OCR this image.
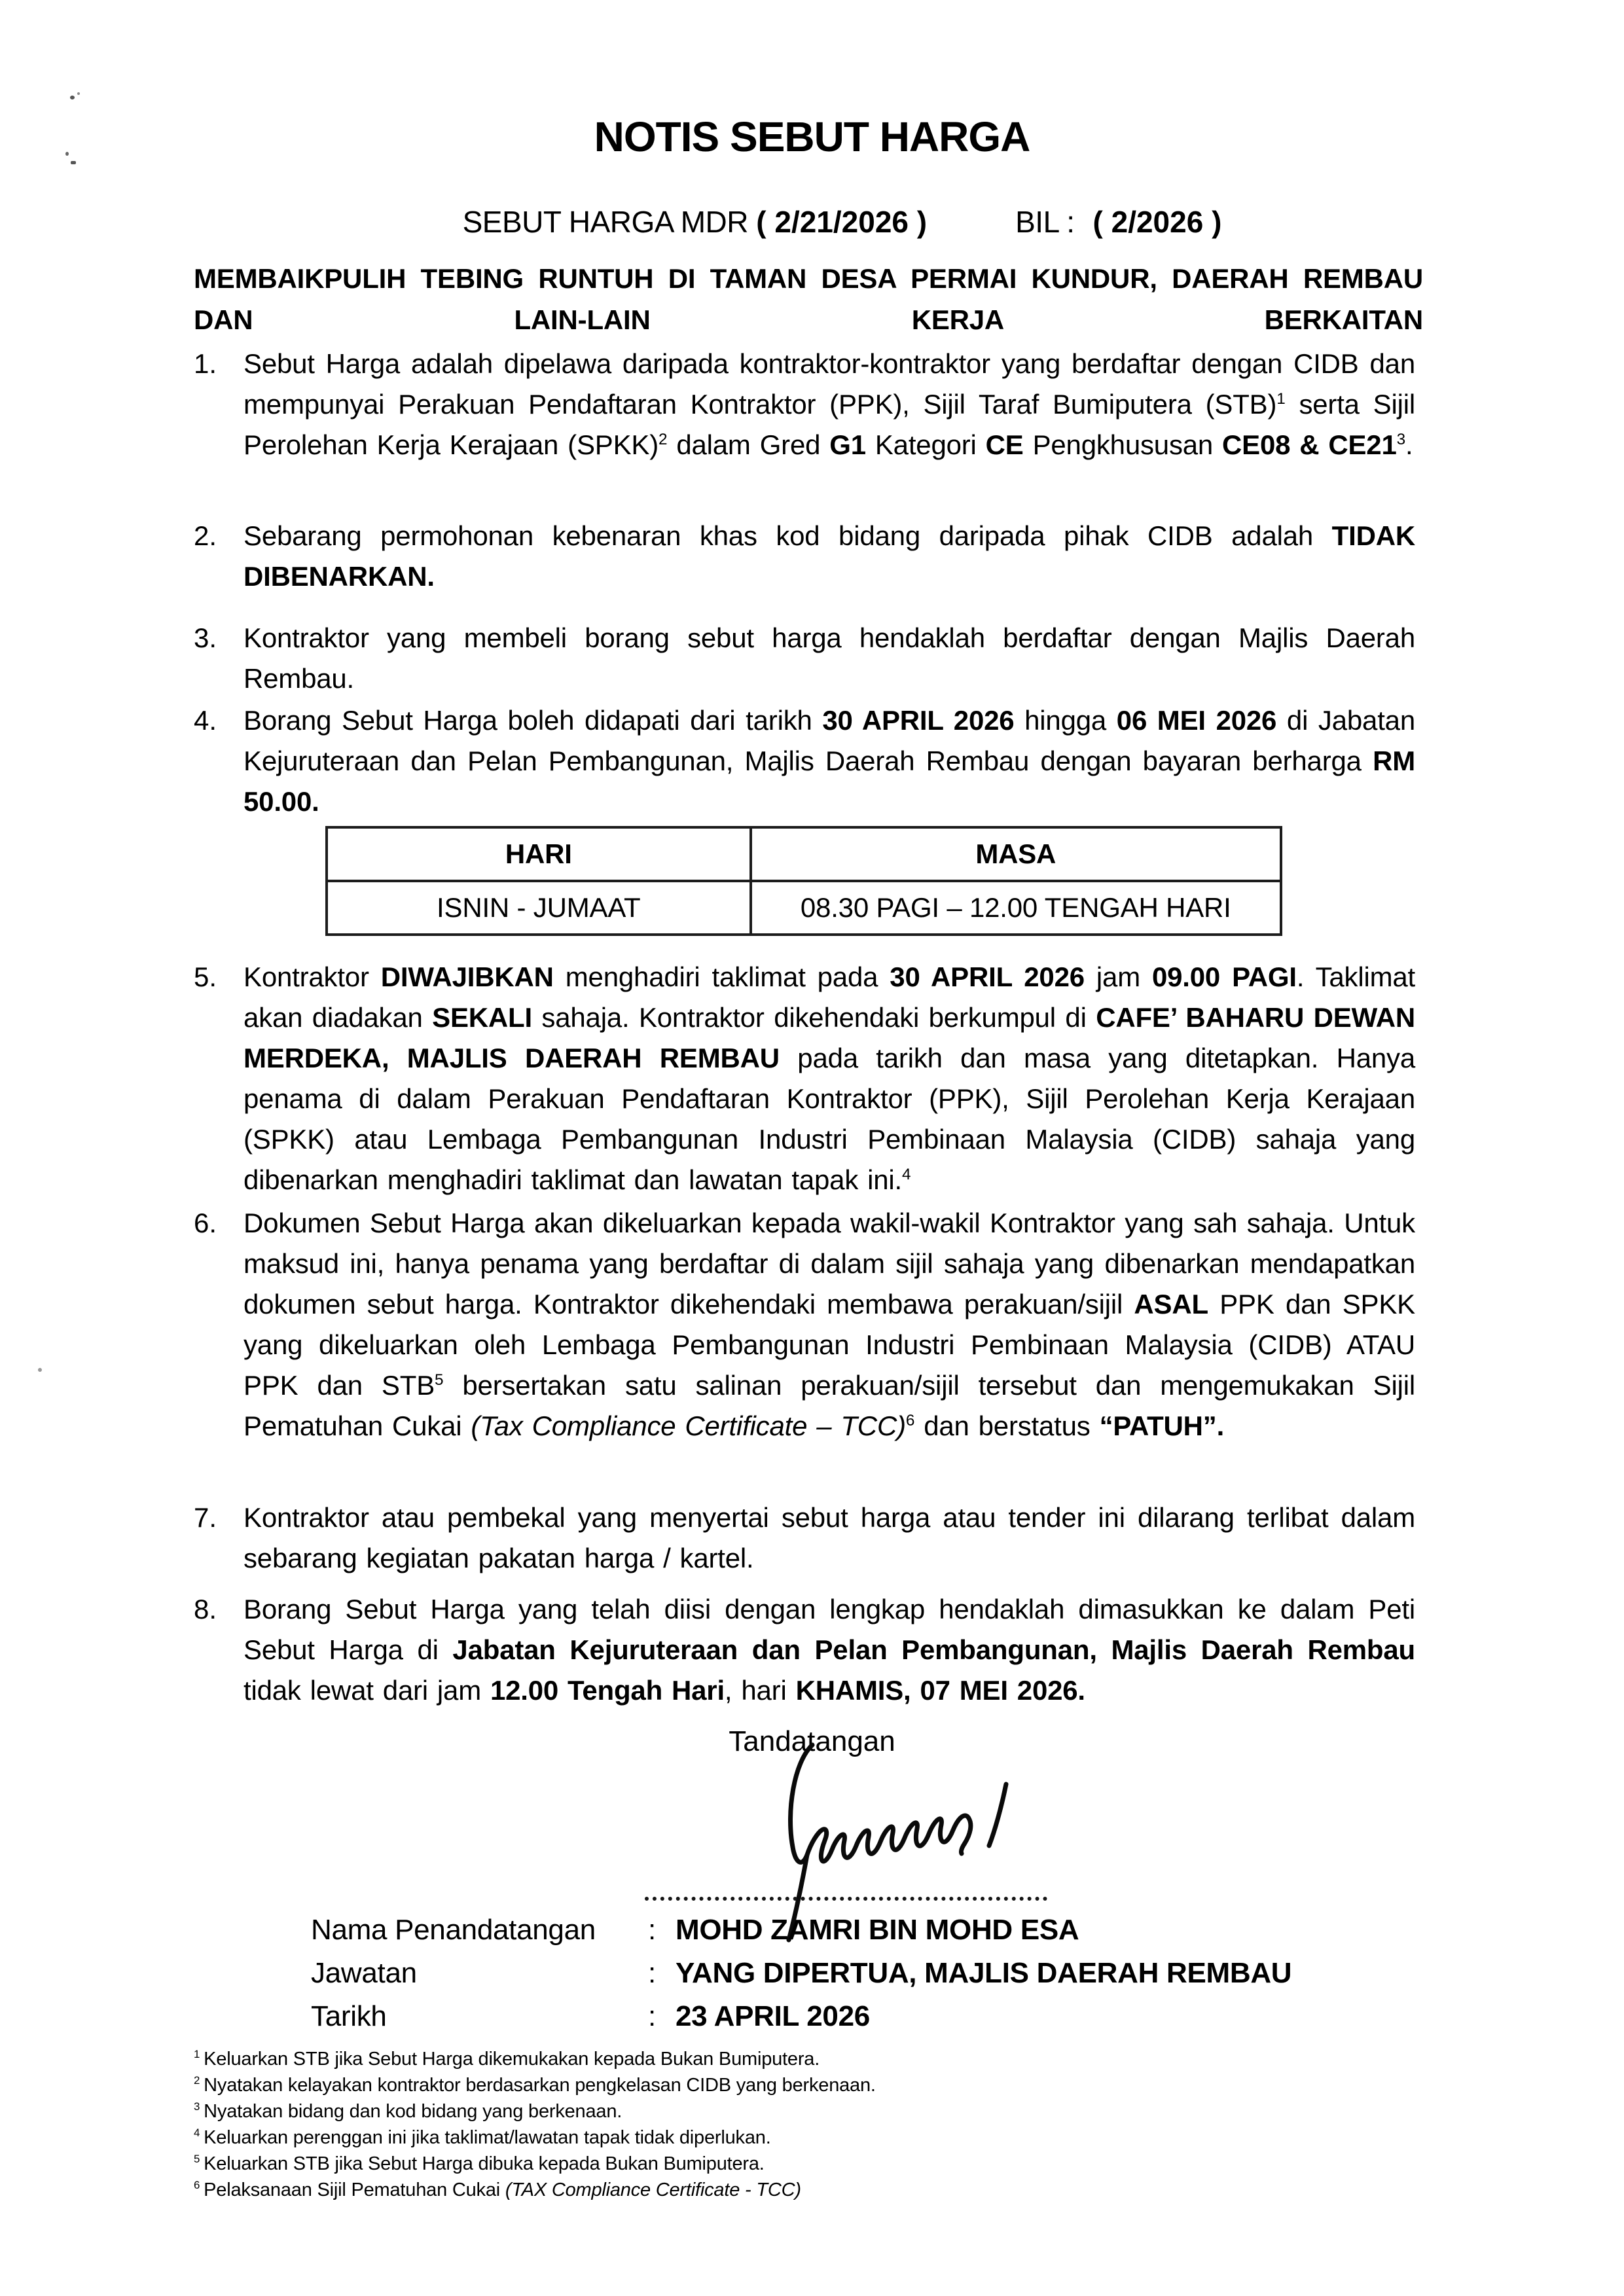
NOTIS SEBUT HARGA
SEBUT HARGA MDR ( 2/21/2026 )	BIL : ( 2/2026 )
MEMBAIKPULIH TEBING RUNTUH DI TAMAN DESA PERMAI KUNDUR, DAERAH REMBAU DAN LAIN-LAIN KERJA BERKAITAN
1. Sebut Harga adalah dipelawa daripada kontraktor-kontraktor yang berdaftar dengan CIDB dan mempunyai Perakuan Pendaftaran Kontraktor (PPK), Sijil Taraf Bumiputera (STB)$^1$ serta Sijil Perolehan Kerja Kerajaan (SPKK)$^2$ dalam Gred G1 Kategori CE Pengkhususan CE08 & $CE21^3$.
2. Sebarang permohonan kebenaran khas kod bidang daripada pihak CIDB adalah TIDAK DIBENARKAN.
3. Kontraktor yang membeli borang sebut harga hendaklah berdaftar dengan Majlis Daerah Rembau.
4. Borang Sebut Harga boleh didapati dari tarikh 30 APRIL 2026 hingga 06 MEI 2026 di Jabatan Kejuruteraan dan Pelan Pembangunan, Majlis Daerah Rembau dengan bayaran berharga RM 50.00.
HARI	MASA
ISNIN - JUMAAT	08.30 PAGI – 12.00 TENGAH HARI
5. Kontraktor DIWAJIBKAN menghadiri taklimat pada 30 APRIL 2026 jam 09.00 PAGI. Taklimat akan diadakan SEKALI sahaja. Kontraktor dikehendaki berkumpul di CAFE’ BAHARU DEWAN MERDEKA, MAJLIS DAERAH REMBAU pada tarikh dan masa yang ditetapkan. Hanya penama di dalam Perakuan Pendaftaran Kontraktor (PPK), Sijil Perolehan Kerja Kerajaan (SPKK) atau Lembaga Pembangunan Industri Pembinaan Malaysia (CIDB) sahaja yang dibenarkan menghadiri taklimat dan lawatan tapak ini.$^4$
6. Dokumen Sebut Harga akan dikeluarkan kepada wakil-wakil Kontraktor yang sah sahaja. Untuk maksud ini, hanya penama yang berdaftar di dalam sijil sahaja yang dibenarkan mendapatkan dokumen sebut harga. Kontraktor dikehendaki membawa perakuan/sijil ASAL PPK dan SPKK yang dikeluarkan oleh Lembaga Pembangunan Industri Pembinaan Malaysia (CIDB) ATAU PPK dan STB$^5$ bersertakan satu salinan perakuan/sijil tersebut dan mengemukakan Sijil Pematuhan Cukai (Tax Compliance Certificate – TCC)$^6$ dan berstatus “PATUH”.
7. Kontraktor atau pembekal yang menyertai sebut harga atau tender ini dilarang terlibat dalam sebarang kegiatan pakatan harga / kartel.
8. Borang Sebut Harga yang telah diisi dengan lengkap hendaklah dimasukkan ke dalam Peti Sebut Harga di Jabatan Kejuruteraan dan Pelan Pembangunan, Majlis Daerah Rembau tidak lewat dari jam 12.00 Tengah Hari, hari KHAMIS, 07 MEI 2026.
Tandatangan
Nama Penandatangan	: MOHD ZAMRI BIN MOHD ESA
Jawatan	: YANG DIPERTUA, MAJLIS DAERAH REMBAU
Tarikh	: 23 APRIL 2026
$^1$ Keluarkan STB jika Sebut Harga dikemukakan kepada Bukan Bumiputera.
$^2$ Nyatakan kelayakan kontraktor berdasarkan pengkelasan CIDB yang berkenaan.
$^3$ Nyatakan bidang dan kod bidang yang berkenaan.
$^4$ Keluarkan perenggan ini jika taklimat/lawatan tapak tidak diperlukan.
$^5$ Keluarkan STB jika Sebut Harga dibuka kepada Bukan Bumiputera.
$^6$ Pelaksanaan Sijil Pematuhan Cukai (TAX Compliance Certificate - TCC)
